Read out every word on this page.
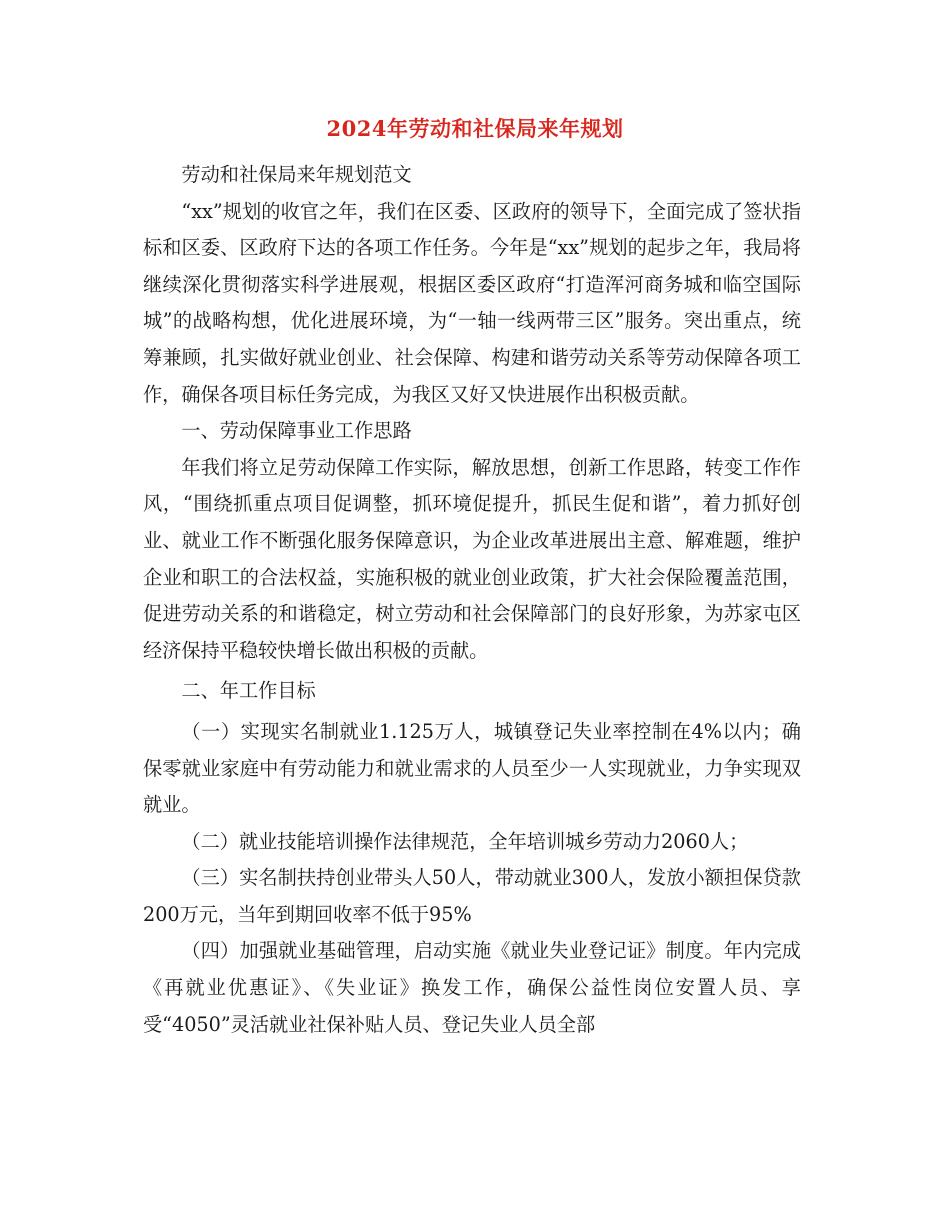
2024年劳动和社保局来年规划

劳动和社保局来年规划范文

“xx”规划的收官之年，我们在区委、区政府的领导下，全面完成了签状指标和区委、区政府下达的各项工作任务。今年是“xx”规划的起步之年，我局将继续深化贯彻落实科学进展观，根据区委区政府“打造浑河商务城和临空国际城”的战略构想，优化进展环境，为“一轴一线两带三区”服务。突出重点，统筹兼顾，扎实做好就业创业、社会保障、构建和谐劳动关系等劳动保障各项工作，确保各项目标任务完成，为我区又好又快进展作出积极贡献。

一、劳动保障事业工作思路

年我们将立足劳动保障工作实际，解放思想，创新工作思路，转变工作作风，“围绕抓重点项目促调整，抓环境促提升，抓民生促和谐”，着力抓好创业、就业工作不断强化服务保障意识，为企业改革进展出主意、解难题，维护企业和职工的合法权益，实施积极的就业创业政策，扩大社会保险覆盖范围，促进劳动关系的和谐稳定，树立劳动和社会保障部门的良好形象，为苏家屯区经济保持平稳较快增长做出积极的贡献。

二、年工作目标

（一）实现实名制就业1.125万人，城镇登记失业率控制在4%以内；确保零就业家庭中有劳动能力和就业需求的人员至少一人实现就业，力争实现双就业。

（二）就业技能培训操作法律规范，全年培训城乡劳动力2060人；

（三）实名制扶持创业带头人50人，带动就业300人，发放小额担保贷款200万元，当年到期回收率不低于95%

（四）加强就业基础管理，启动实施《就业失业登记证》制度。年内完成《再就业优惠证》、《失业证》换发工作，确保公益性岗位安置人员、享受“4050”灵活就业社保补贴人员、登记失业人员全部
